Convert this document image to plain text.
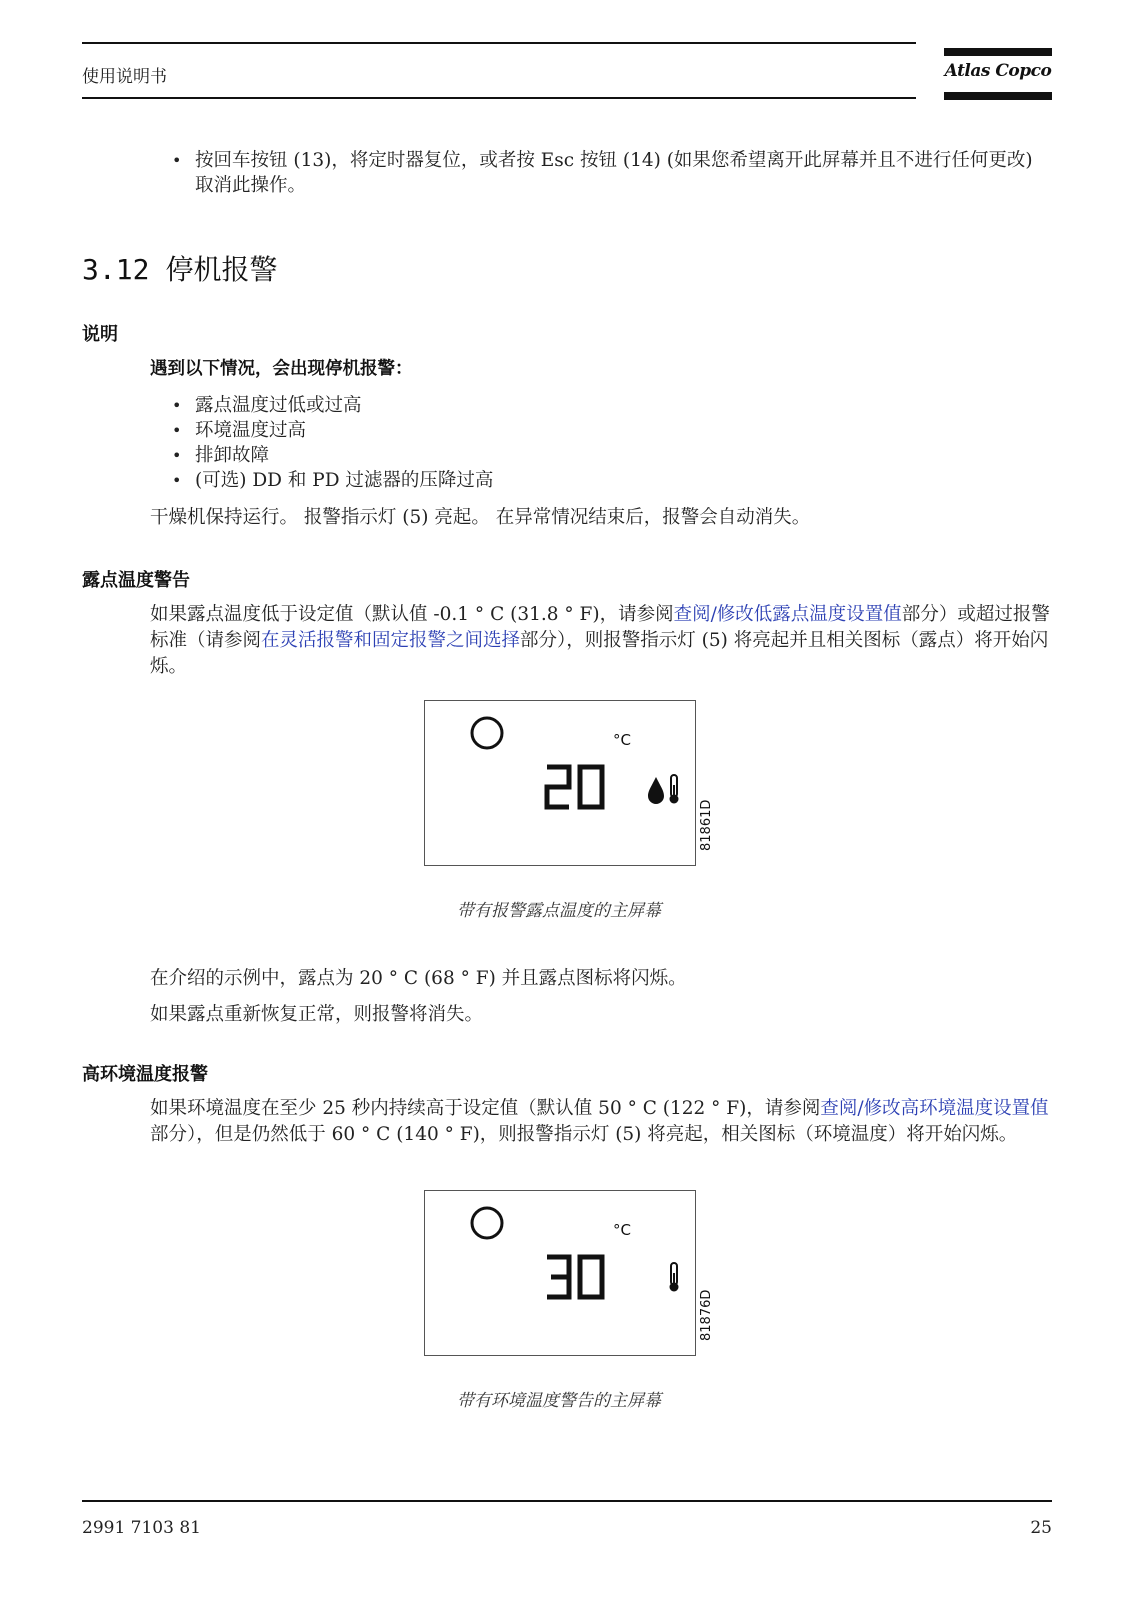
使用说明书	Atlas Copco
• 按回车按钮 (13)，将定时器复位，或者按 Esc 按钮 (14) (如果您希望离开此屏幕并且不进行任何更改) 取消此操作。
3.12 停机报警
说明
遇到以下情况，会出现停机报警：
• 露点温度过低或过高
• 环境温度过高
• 排卸故障
• (可选) DD 和 PD 过滤器的压降过高
干燥机保持运行。 报警指示灯 (5) 亮起。 在异常情况结束后，报警会自动消失。
露点温度警告
如果露点温度低于设定值（默认值 -0.1 ° C (31.8 ° F)，请参阅查阅/修改低露点温度设置值部分）或超过报警标准（请参阅在灵活报警和固定报警之间选择部分），则报警指示灯 (5) 将亮起并且相关图标（露点）将开始闪烁。
°C
81861D
带有报警露点温度的主屏幕
在介绍的示例中，露点为 20 ° C (68 ° F) 并且露点图标将闪烁。
如果露点重新恢复正常，则报警将消失。
高环境温度报警
如果环境温度在至少 25 秒内持续高于设定值（默认值 50 ° C (122 ° F)，请参阅查阅/修改高环境温度设置值部分），但是仍然低于 60 ° C (140 ° F)，则报警指示灯 (5) 将亮起，相关图标（环境温度）将开始闪烁。
°C
81876D
带有环境温度警告的主屏幕
2991 7103 81	25
